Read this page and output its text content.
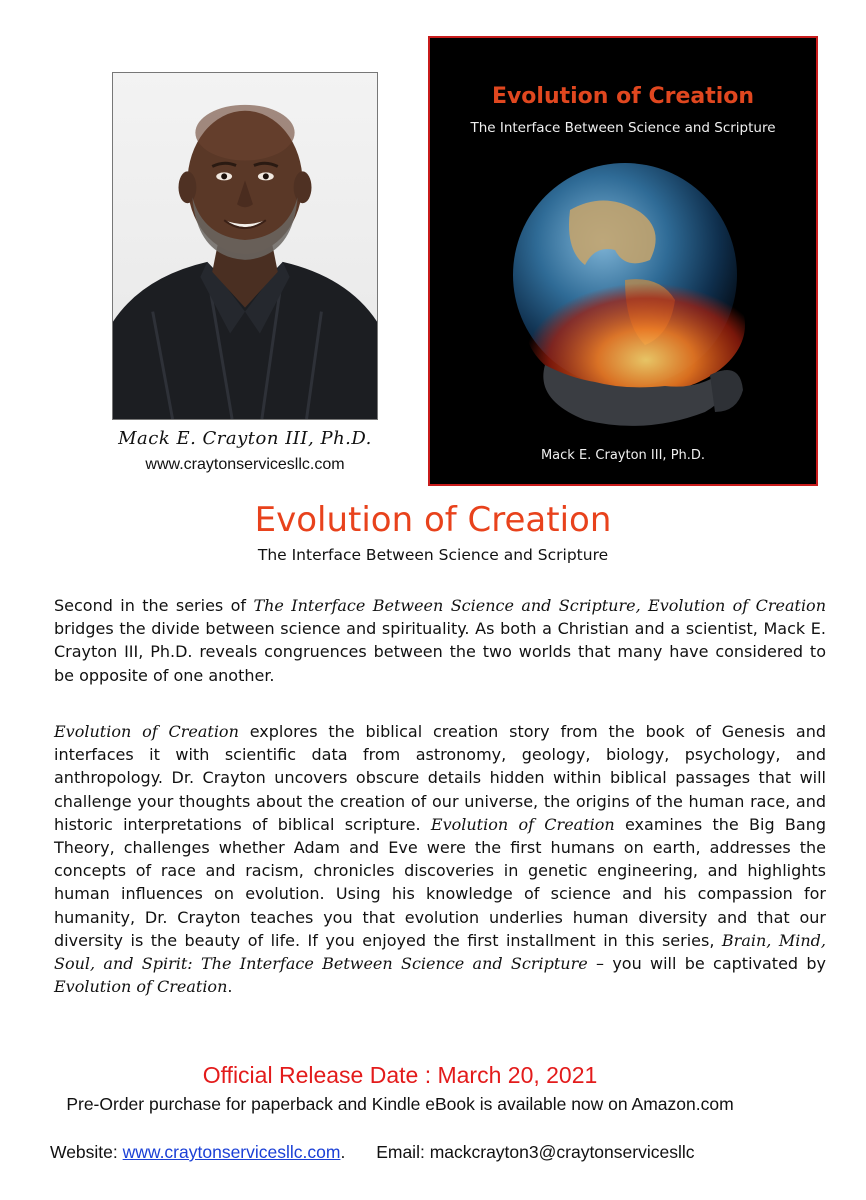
Mack E. Crayton III, Ph.D.
www.craytonservicesllc.com
Evolution of Creation
The Interface Between Science and Scripture
Mack E. Crayton III, Ph.D.
Evolution of Creation
The Interface Between Science and Scripture

Second in the series of The Interface Between Science and Scripture, Evolution of Creation bridges the divide between science and spirituality. As both a Christian and a scientist, Mack E. Crayton III, Ph.D. reveals congruences between the two worlds that many have considered to be opposite of one another.

Evolution of Creation explores the biblical creation story from the book of Genesis and interfaces it with scientific data from astronomy, geology, biology, psychology, and anthropology. Dr. Crayton uncovers obscure details hidden within biblical passages that will challenge your thoughts about the creation of our universe, the origins of the human race, and historic interpretations of biblical scripture. Evolution of Creation examines the Big Bang Theory, challenges whether Adam and Eve were the first humans on earth, addresses the concepts of race and racism, chronicles discoveries in genetic engineering, and highlights human influences on evolution. Using his knowledge of science and his compassion for humanity, Dr. Crayton teaches you that evolution underlies human diversity and that our diversity is the beauty of life. If you enjoyed the first installment in this series, Brain, Mind, Soul, and Spirit: The Interface Between Science and Scripture – you will be captivated by Evolution of Creation.

Official Release Date : March 20, 2021
Pre-Order purchase for paperback and Kindle eBook is available now on Amazon.com
Website: www.craytonservicesllc.com. Email: mackcrayton3@craytonservicesllc
